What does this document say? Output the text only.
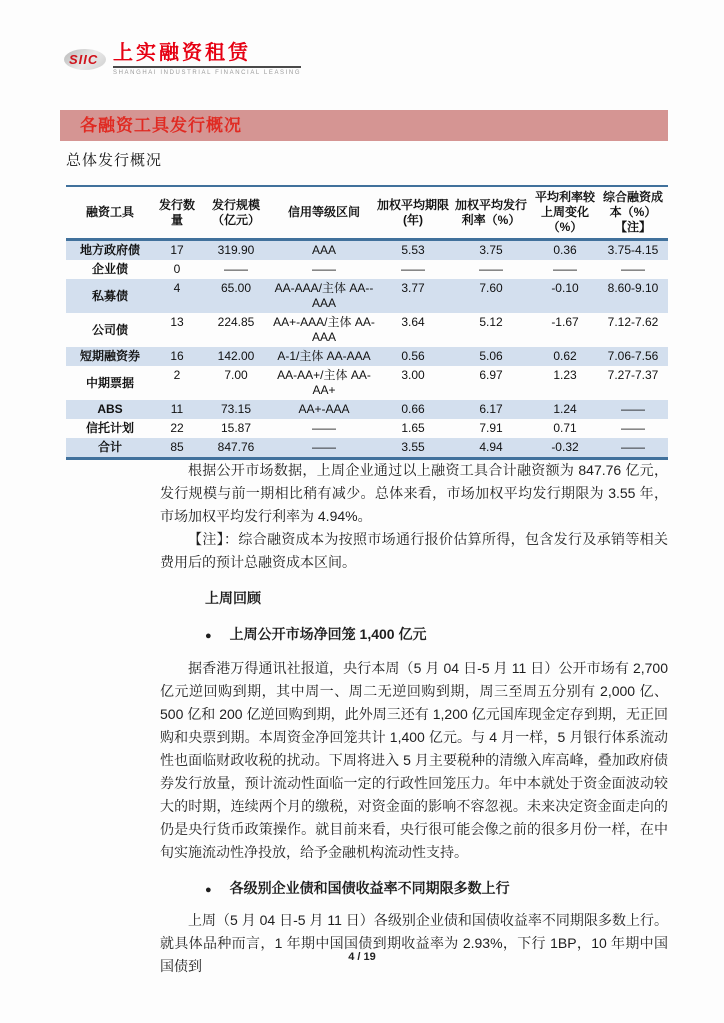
SIIC 上实融资租赁
SHANGHAI INDUSTRIAL FINANCIAL LEASING
各融资工具发行概况
总体发行概况
融资工具	发行数量	发行规模（亿元）	信用等级区间	加权平均期限(年)	加权平均发行利率（%）	平均利率较上周变化（%）	综合融资成本（%）【注】
地方政府债	17	319.90	AAA	5.53	3.75	0.36	3.75-4.15
企业债	0	——	——	——	——	——	——
私募债	4	65.00	AA-AAA/主体 AA--AAA	3.77	7.60	-0.10	8.60-9.10
公司债	13	224.85	AA+-AAA/主体 AA-AAA	3.64	5.12	-1.67	7.12-7.62
短期融资券	16	142.00	A-1/主体 AA-AAA	0.56	5.06	0.62	7.06-7.56
中期票据	2	7.00	AA-AA+/主体 AA-AA+	3.00	6.97	1.23	7.27-7.37
ABS	11	73.15	AA+-AAA	0.66	6.17	1.24	——
信托计划	22	15.87	——	1.65	7.91	0.71	——
合计	85	847.76	——	3.55	4.94	-0.32	——

根据公开市场数据，上周企业通过以上融资工具合计融资额为 847.76 亿元，发行规模与前一期相比稍有减少。总体来看，市场加权平均发行期限为 3.55 年，市场加权平均发行利率为 4.94%。

【注】：综合融资成本为按照市场通行报价估算所得，包含发行及承销等相关费用后的预计总融资成本区间。

上周回顾
● 上周公开市场净回笼 1,400 亿元

据香港万得通讯社报道，央行本周（5 月 04 日-5 月 11 日）公开市场有 2,700 亿元逆回购到期，其中周一、周二无逆回购到期，周三至周五分别有 2,000 亿、500 亿和 200 亿逆回购到期，此外周三还有 1,200 亿元国库现金定存到期，无正回购和央票到期。本周资金净回笼共计 1,400 亿元。与 4 月一样，5 月银行体系流动性也面临财政收税的扰动。下周将进入 5 月主要税种的清缴入库高峰，叠加政府债券发行放量，预计流动性面临一定的行政性回笼压力。年中本就处于资金面波动较大的时期，连续两个月的缴税，对资金面的影响不容忽视。未来决定资金面走向的仍是央行货币政策操作。就目前来看，央行很可能会像之前的很多月份一样，在中旬实施流动性净投放，给予金融机构流动性支持。

● 各级别企业债和国债收益率不同期限多数上行

上周（5 月 04 日-5 月 11 日）各级别企业债和国债收益率不同期限多数上行。就具体品种而言，1 年期中国国债到期收益率为 2.93%，下行 1BP，10 年期中国国债到

4 / 19
